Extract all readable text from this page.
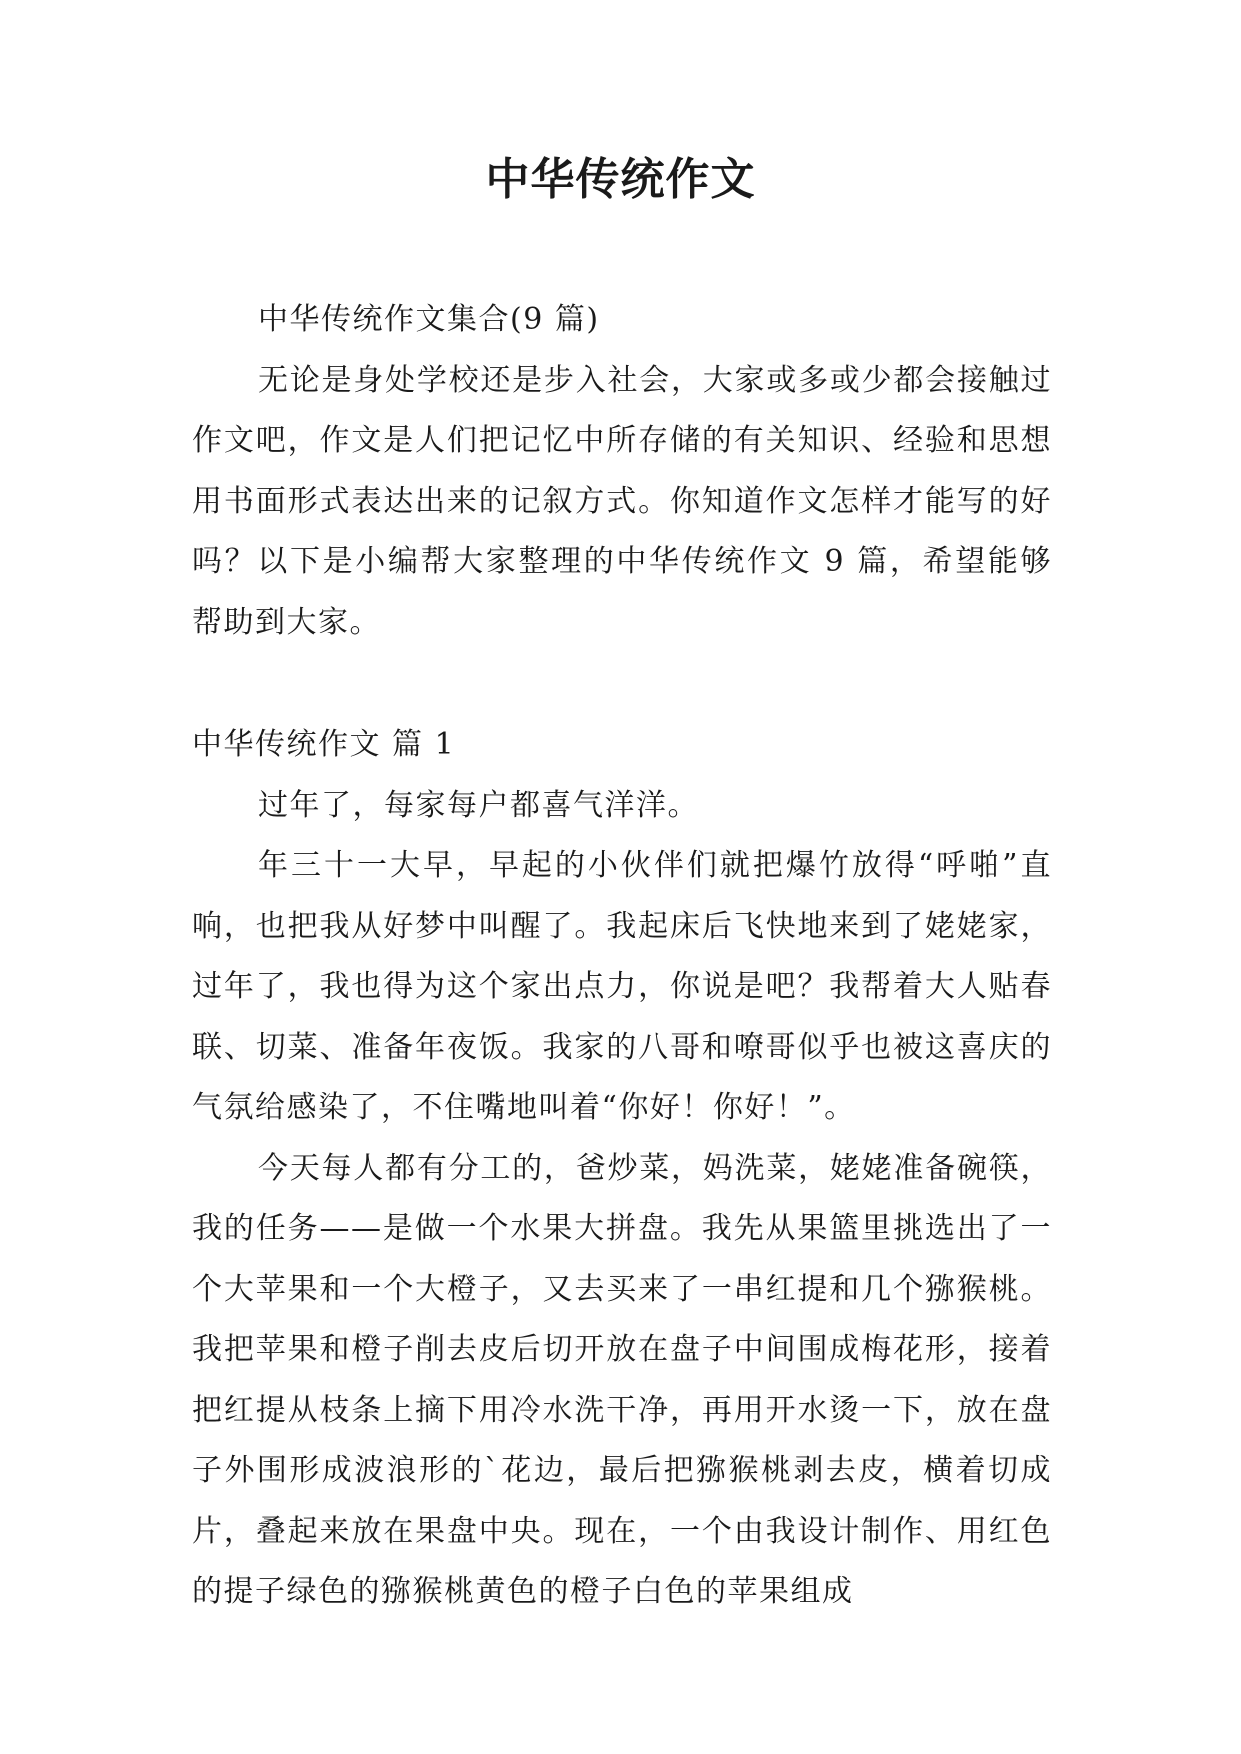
中华传统作文

中华传统作文集合(9 篇)

无论是身处学校还是步入社会，大家或多或少都会接触过作文吧，作文是人们把记忆中所存储的有关知识、经验和思想用书面形式表达出来的记叙方式。你知道作文怎样才能写的好吗？以下是小编帮大家整理的中华传统作文 9 篇，希望能够帮助到大家。

中华传统作文 篇 1

过年了，每家每户都喜气洋洋。

年三十一大早，早起的小伙伴们就把爆竹放得“呼啪”直响，也把我从好梦中叫醒了。我起床后飞快地来到了姥姥家，过年了，我也得为这个家出点力，你说是吧？我帮着大人贴春联、切菜、准备年夜饭。我家的八哥和嘹哥似乎也被这喜庆的气氛给感染了，不住嘴地叫着“你好！你好！”。

今天每人都有分工的，爸炒菜，妈洗菜，姥姥准备碗筷，我的任务——是做一个水果大拼盘。我先从果篮里挑选出了一个大苹果和一个大橙子，又去买来了一串红提和几个猕猴桃。我把苹果和橙子削去皮后切开放在盘子中间围成梅花形，接着把红提从枝条上摘下用冷水洗干净，再用开水烫一下，放在盘子外围形成波浪形的`花边，最后把猕猴桃剥去皮，横着切成片，叠起来放在果盘中央。现在，一个由我设计制作、用红色的提子绿色的猕猴桃黄色的橙子白色的苹果组成
